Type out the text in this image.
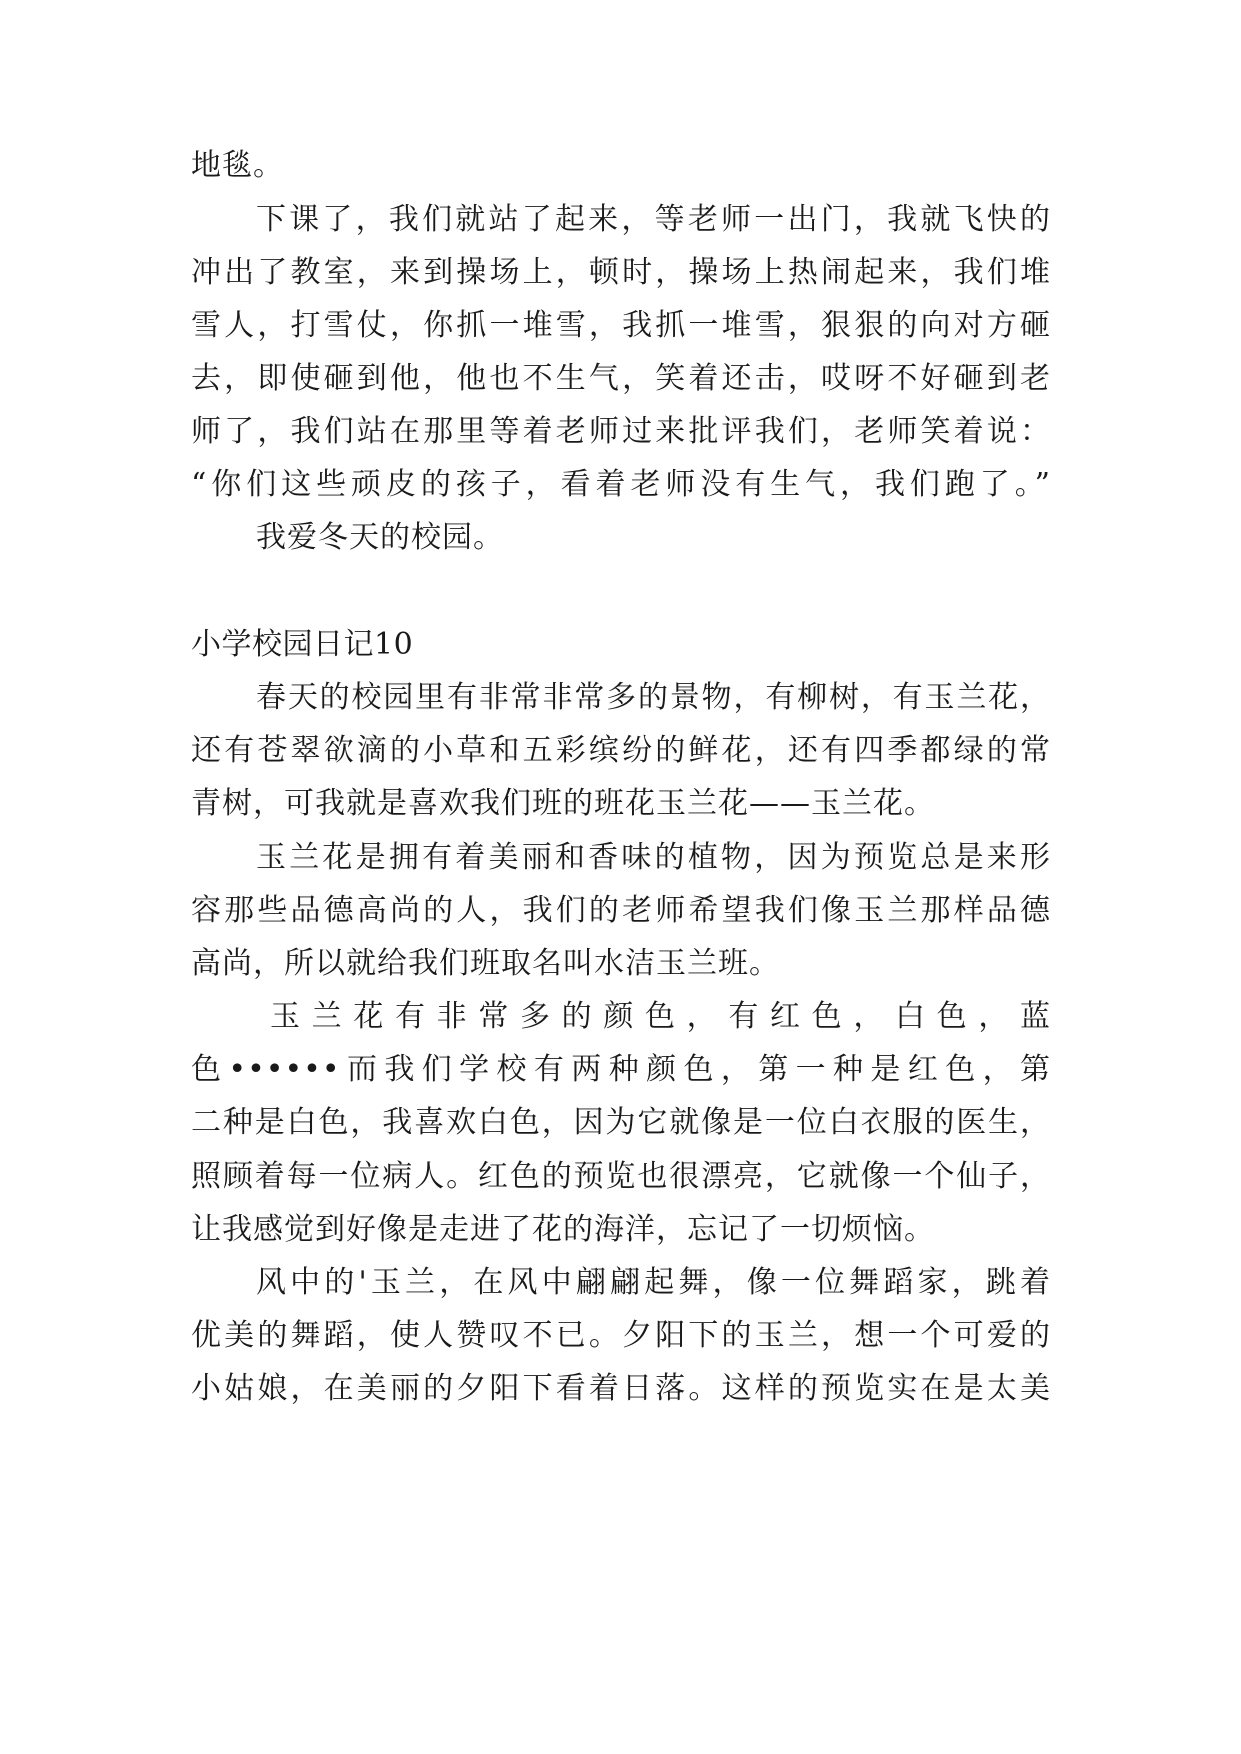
地毯。
下课了，我们就站了起来，等老师一出门，我就飞快的
冲出了教室，来到操场上，顿时，操场上热闹起来，我们堆
雪人，打雪仗，你抓一堆雪，我抓一堆雪，狠狠的向对方砸
去，即使砸到他，他也不生气，笑着还击，哎呀不好砸到老
师了，我们站在那里等着老师过来批评我们，老师笑着说：
“你们这些顽皮的孩子，看着老师没有生气，我们跑了。”
我爱冬天的校园。
小学校园日记10
春天的校园里有非常非常多的景物，有柳树，有玉兰花，
还有苍翠欲滴的小草和五彩缤纷的鲜花，还有四季都绿的常
青树，可我就是喜欢我们班的班花玉兰花——玉兰花。
玉兰花是拥有着美丽和香味的植物，因为预览总是来形
容那些品德高尚的人，我们的老师希望我们像玉兰那样品德
高尚，所以就给我们班取名叫水洁玉兰班。
玉兰花有非常多的颜色，有红色，白色，蓝
色••••••而我们学校有两种颜色，第一种是红色，第
二种是白色，我喜欢白色，因为它就像是一位白衣服的医生，
照顾着每一位病人。红色的预览也很漂亮，它就像一个仙子，
让我感觉到好像是走进了花的海洋，忘记了一切烦恼。
风中的'玉兰，在风中翩翩起舞，像一位舞蹈家，跳着
优美的舞蹈，使人赞叹不已。夕阳下的玉兰，想一个可爱的
小姑娘，在美丽的夕阳下看着日落。这样的预览实在是太美
